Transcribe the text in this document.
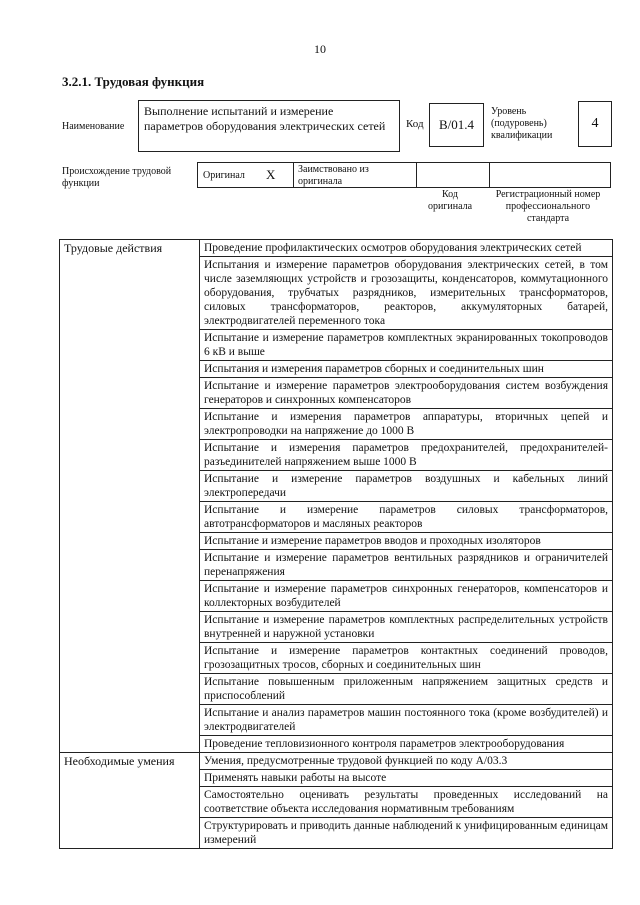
10
3.2.1. Трудовая функция
Наименование
Выполнение испытаний и измерение параметров оборудования электрических сетей	Код	B/01.4
Уровень (подуровень) квалификации
4
Происхождение трудовой функции
Оригинал X Заимствовано из оригинала
Код оригинала
Регистрационный номер профессионального стандарта
Трудовые действия	Проведение профилактических осмотров оборудования электрических сетей
	Испытания и измерение параметров оборудования электрических сетей, в том числе заземляющих устройств и грозозащиты, конденсаторов, коммутационного оборудования, трубчатых разрядников, измерительных трансформаторов, силовых трансформаторов, реакторов, аккумуляторных батарей, электродвигателей переменного тока
	Испытание и измерение параметров комплектных экранированных токопроводов 6 кВ и выше
	Испытания и измерения параметров сборных и соединительных шин
	Испытание и измерение параметров электрооборудования систем возбуждения генераторов и синхронных компенсаторов
	Испытание и измерения параметров аппаратуры, вторичных цепей и электропроводки на напряжение до 1000 В
	Испытание и измерения параметров предохранителей, предохранителей-разъединителей напряжением выше 1000 В
	Испытание и измерение параметров воздушных и кабельных линий электропередачи
	Испытание и измерение параметров силовых трансформаторов, автотрансформаторов и масляных реакторов
	Испытание и измерение параметров вводов и проходных изоляторов
	Испытание и измерение параметров вентильных разрядников и ограничителей перенапряжения
	Испытание и измерение параметров синхронных генераторов, компенсаторов и коллекторных возбудителей
	Испытание и измерение параметров комплектных распределительных устройств внутренней и наружной установки
	Испытание и измерение параметров контактных соединений проводов, грозозащитных тросов, сборных и соединительных шин
	Испытание повышенным приложенным напряжением защитных средств и приспособлений
	Испытание и анализ параметров машин постоянного тока (кроме возбудителей) и электродвигателей
	Проведение тепловизионного контроля параметров электрооборудования
Необходимые умения	Умения, предусмотренные трудовой функцией по коду A/03.3
	Применять навыки работы на высоте
	Самостоятельно оценивать результаты проведенных исследований на соответствие объекта исследования нормативным требованиям
	Структурировать и приводить данные наблюдений к унифицированным единицам измерений
